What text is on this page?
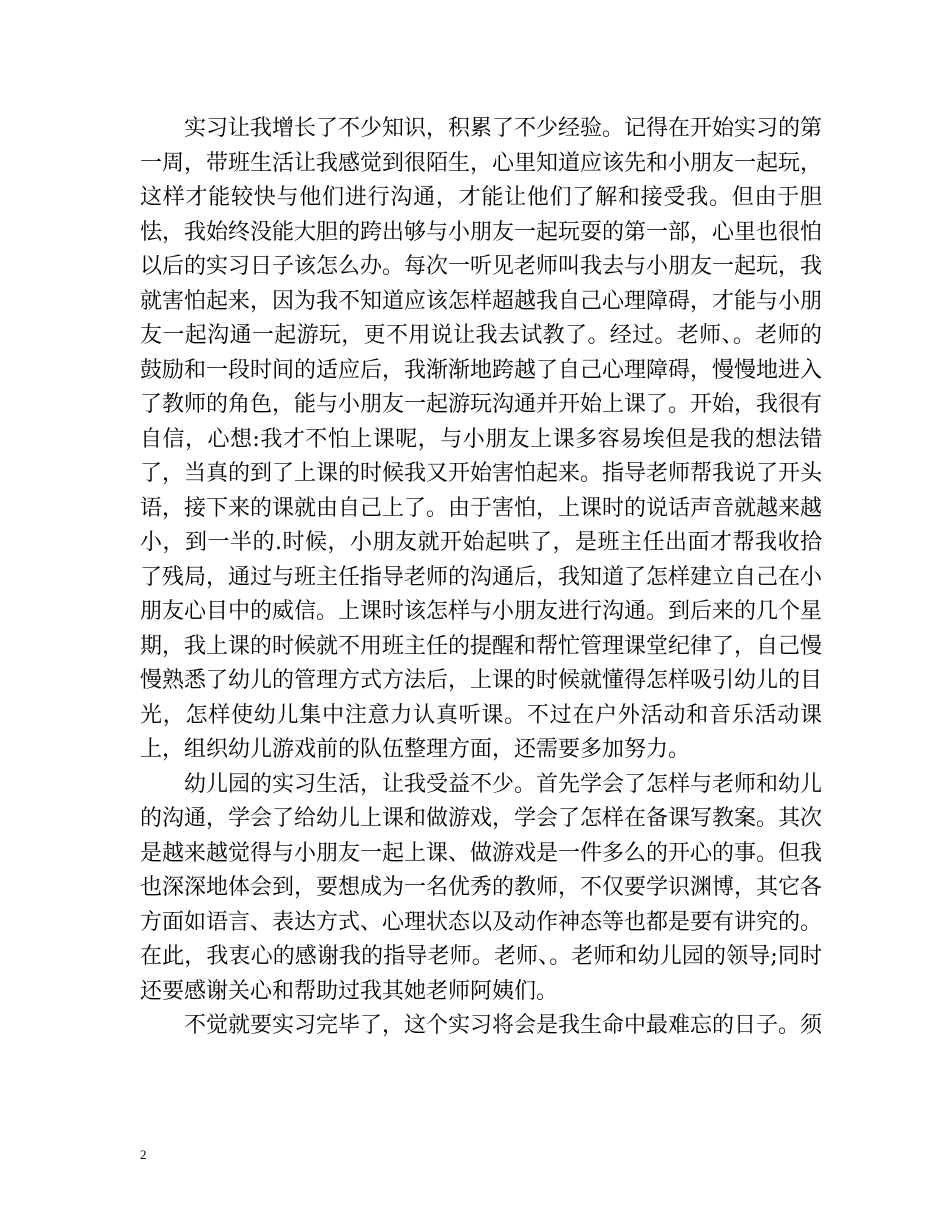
实习让我增长了不少知识，积累了不少经验。记得在开始实习的第一周，带班生活让我感觉到很陌生，心里知道应该先和小朋友一起玩，这样才能较快与他们进行沟通，才能让他们了解和接受我。但由于胆怯，我始终没能大胆的跨出够与小朋友一起玩耍的第一部，心里也很怕以后的实习日子该怎么办。每次一听见老师叫我去与小朋友一起玩，我就害怕起来，因为我不知道应该怎样超越我自己心理障碍，才能与小朋友一起沟通一起游玩，更不用说让我去试教了。经过。老师、。老师的鼓励和一段时间的适应后，我渐渐地跨越了自己心理障碍，慢慢地进入了教师的角色，能与小朋友一起游玩沟通并开始上课了。开始，我很有自信，心想:我才不怕上课呢，与小朋友上课多容易埃但是我的想法错了，当真的到了上课的时候我又开始害怕起来。指导老师帮我说了开头语，接下来的课就由自己上了。由于害怕，上课时的说话声音就越来越小，到一半的.时候，小朋友就开始起哄了，是班主任出面才帮我收拾了残局，通过与班主任指导老师的沟通后，我知道了怎样建立自己在小朋友心目中的威信。上课时该怎样与小朋友进行沟通。到后来的几个星期，我上课的时候就不用班主任的提醒和帮忙管理课堂纪律了，自己慢慢熟悉了幼儿的管理方式方法后，上课的时候就懂得怎样吸引幼儿的目光，怎样使幼儿集中注意力认真听课。不过在户外活动和音乐活动课上，组织幼儿游戏前的队伍整理方面，还需要多加努力。

幼儿园的实习生活，让我受益不少。首先学会了怎样与老师和幼儿的沟通，学会了给幼儿上课和做游戏，学会了怎样在备课写教案。其次是越来越觉得与小朋友一起上课、做游戏是一件多么的开心的事。但我也深深地体会到，要想成为一名优秀的教师，不仅要学识渊博，其它各方面如语言、表达方式、心理状态以及动作神态等也都是要有讲究的。在此，我衷心的感谢我的指导老师。老师、。老师和幼儿园的领导;同时还要感谢关心和帮助过我其她老师阿姨们。

不觉就要实习完毕了，这个实习将会是我生命中最难忘的日子。须

2
